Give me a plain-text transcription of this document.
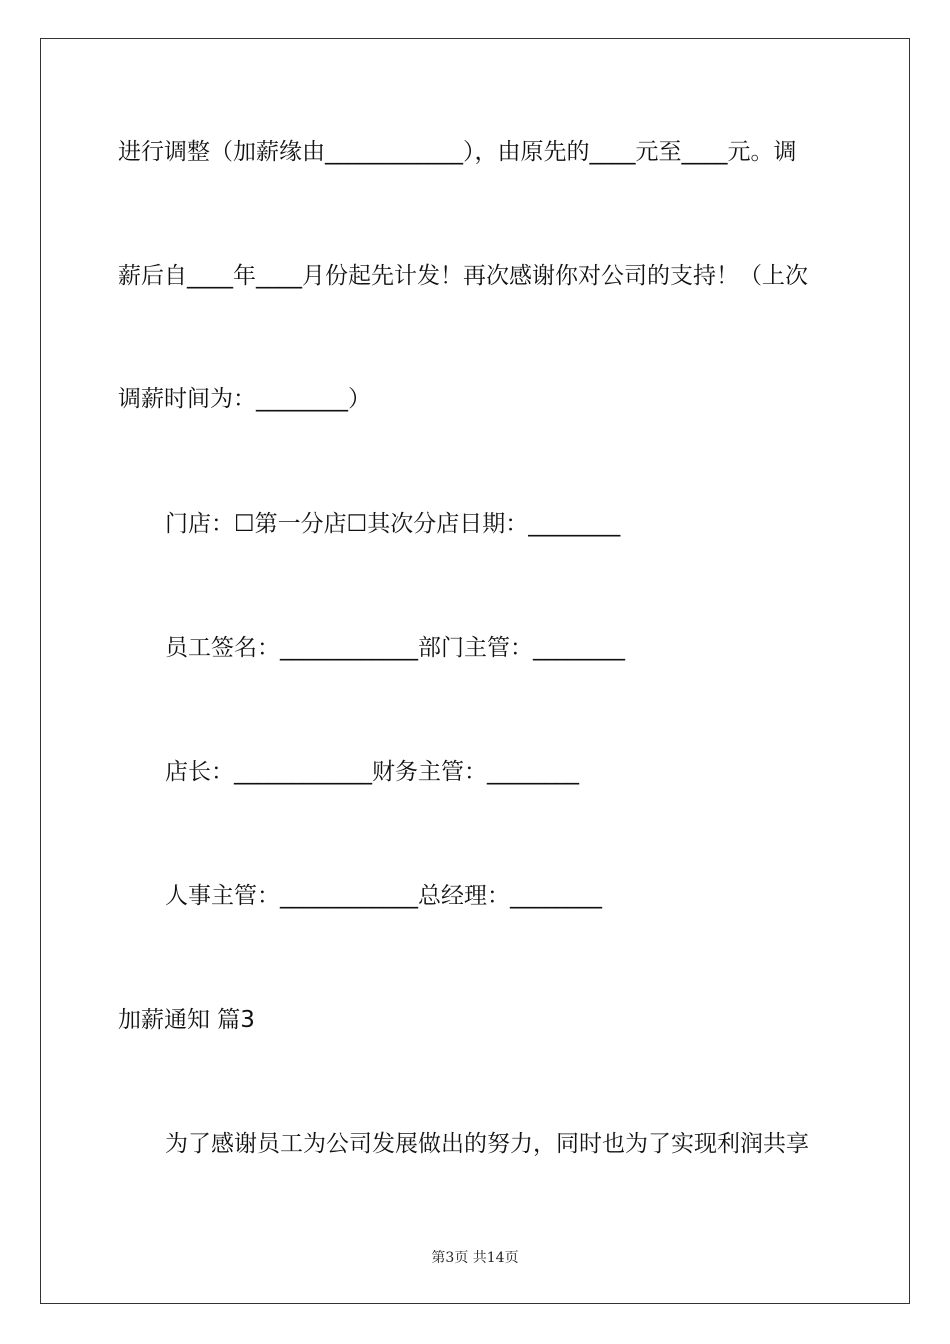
进行调整（加薪缘由____________），由原先的____元至____元。调
薪后自____年____月份起先计发！再次感谢你对公司的支持！（上次
调薪时间为：________）
门店：☐第一分店☐其次分店日期：________
员工签名：____________部门主管：________
店长：____________财务主管：________
人事主管：____________总经理：________
加薪通知 篇3
为了感谢员工为公司发展做出的努力，同时也为了实现利润共享
第3页 共14页
